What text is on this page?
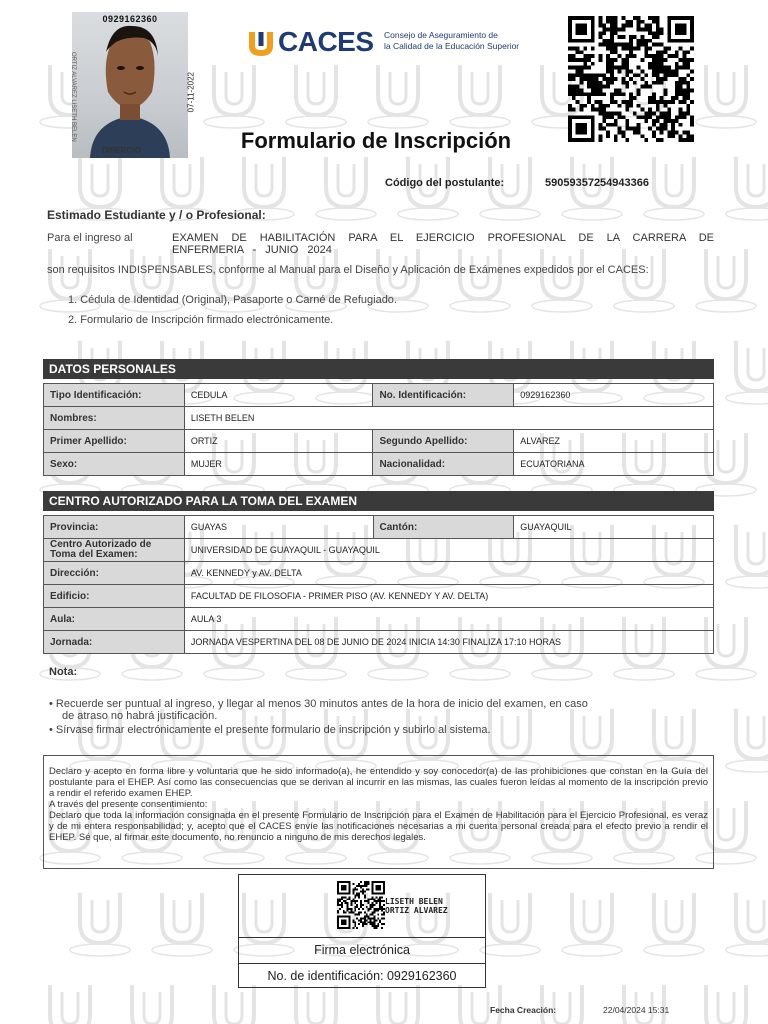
0929162360
07-11-2022
ORTIZ ALVAREZ LISETH BELEN
DISERCIO
CACES Consejo de Aseguramiento de
la Calidad de la Educación Superior
Formulario de Inscripción
Código del postulante:	59059357254943366
Estimado Estudiante y / o Profesional:
Para el ingreso al	EXAMEN DE HABILITACIÓN PARA EL EJERCICIO PROFESIONAL DE LA CARRERA DE
ENFERMERIA - JUNIO 2024
son requisitos INDISPENSABLES, conforme al Manual para el Diseño y Aplicación de Exámenes expedidos por el CACES:
1. Cédula de Identidad (Original), Pasaporte o Carné de Refugiado.
2. Formulario de Inscripción firmado electrónicamente.
DATOS PERSONALES
Tipo Identificación:	CEDULA	No. Identificación:	0929162360
Nombres:	LISETH BELEN		
Primer Apellido:	ORTIZ	Segundo Apellido:	ALVAREZ
Sexo:	MUJER	Nacionalidad:	ECUATORIANA
CENTRO AUTORIZADO PARA LA TOMA DEL EXAMEN
Provincia:	GUAYAS	Cantón:	GUAYAQUIL
Centro Autorizado de Toma del Examen:	UNIVERSIDAD DE GUAYAQUIL - GUAYAQUIL		
Dirección:	AV. KENNEDY y AV. DELTA		
Edificio:	FACULTAD DE FILOSOFIA - PRIMER PISO (AV. KENNEDY Y AV. DELTA)		
Aula:	AULA 3		
Jornada:	JORNADA VESPERTINA DEL 08 DE JUNIO DE 2024 INICIA 14:30 FINALIZA 17:10 HORAS		
Nota:
• Recuerde ser puntual al ingreso, y llegar al menos 30 minutos antes de la hora de inicio del examen, en caso
de atraso no habrá justificación.
• Sírvase firmar electrónicamente el presente formulario de inscripción y subirlo al sistema.

Declaro y acepto en forma libre y voluntaria que he sido informado(a), he entendido y soy conocedor(a) de las prohibiciones que constan en la Guía del postulante para el EHEP. Así como las consecuencias que se derivan al incurrir en las mismas, las cuales fueron leídas al momento de la inscripción previo a rendir el referido examen EHEP.

A través del presente consentimiento:

Declaro que toda la información consignada en el presente Formulario de Inscripción para el Examen de Habilitación para el Ejercicio Profesional, es veraz y de mi entera responsabilidad; y, acepto que el CACES envíe las notificaciones necesarias a mi cuenta personal creada para el efecto previo a rendir el EHEP. Sé que, al firmar este documento, no renuncio a ninguno de mis derechos legales.

LISETH BELEN
ORTIZ ALVAREZ
Firma electrónica
No. de identificación: 0929162360
Fecha Creación:	22/04/2024 15:31
